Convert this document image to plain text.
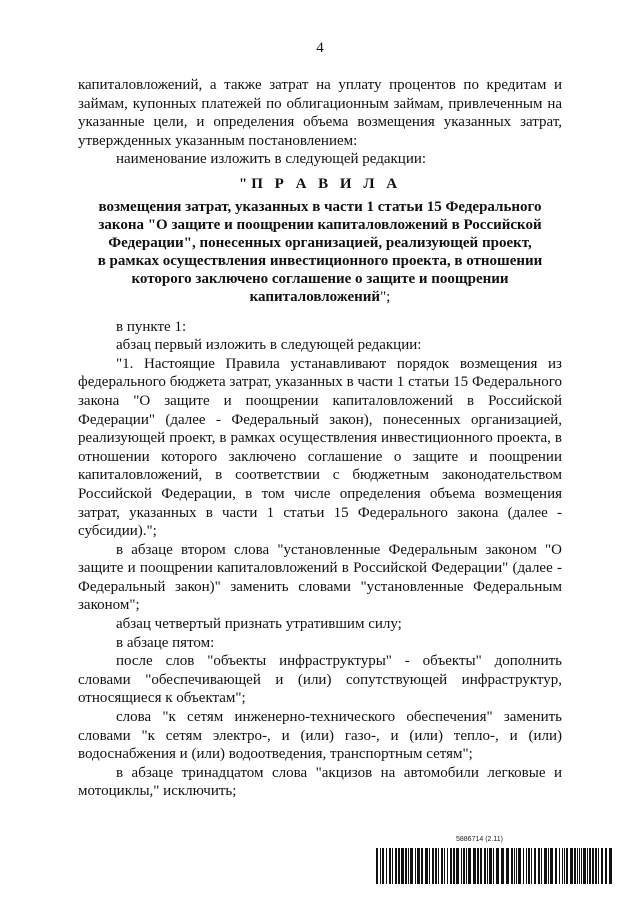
4

капиталовложений, а также затрат на уплату процентов по кредитам и займам, купонных платежей по облигационным займам, привлеченным на указанные цели, и определения объема возмещения указанных затрат, утвержденных указанным постановлением:

наименование изложить в следующей редакции:

"П Р А В И Л А

возмещения затрат, указанных в части 1 статьи 15 Федерального
закона "О защите и поощрении капиталовложений в Российской
Федерации", понесенных организацией, реализующей проект,
в рамках осуществления инвестиционного проекта, в отношении
которого заключено соглашение о защите и поощрении
капиталовложений";

в пункте 1:

абзац первый изложить в следующей редакции:

"1. Настоящие Правила устанавливают порядок возмещения из федерального бюджета затрат, указанных в части 1 статьи 15 Федерального закона "О защите и поощрении капиталовложений в Российской Федерации" (далее - Федеральный закон), понесенных организацией, реализующей проект, в рамках осуществления инвестиционного проекта, в отношении которого заключено соглашение о защите и поощрении капиталовложений, в соответствии с бюджетным законодательством Российской Федерации, в том числе определения объема возмещения затрат, указанных в части 1 статьи 15 Федерального закона (далее - субсидии).";

в абзаце втором слова "установленные Федеральным законом "О защите и поощрении капиталовложений в Российской Федерации" (далее - Федеральный закон)" заменить словами "установленные Федеральным законом";

абзац четвертый признать утратившим силу;

в абзаце пятом:

после слов "объекты инфраструктуры" - объекты" дополнить словами "обеспечивающей и (или) сопутствующей инфраструктур, относящиеся к объектам";

слова "к сетям инженерно-технического обеспечения" заменить словами "к сетям электро-, и (или) газо-, и (или) тепло-, и (или) водоснабжения и (или) водоотведения, транспортным сетям";

в абзаце тринадцатом слова "акцизов на автомобили легковые и мотоциклы," исключить;

5886714 (2.11)
